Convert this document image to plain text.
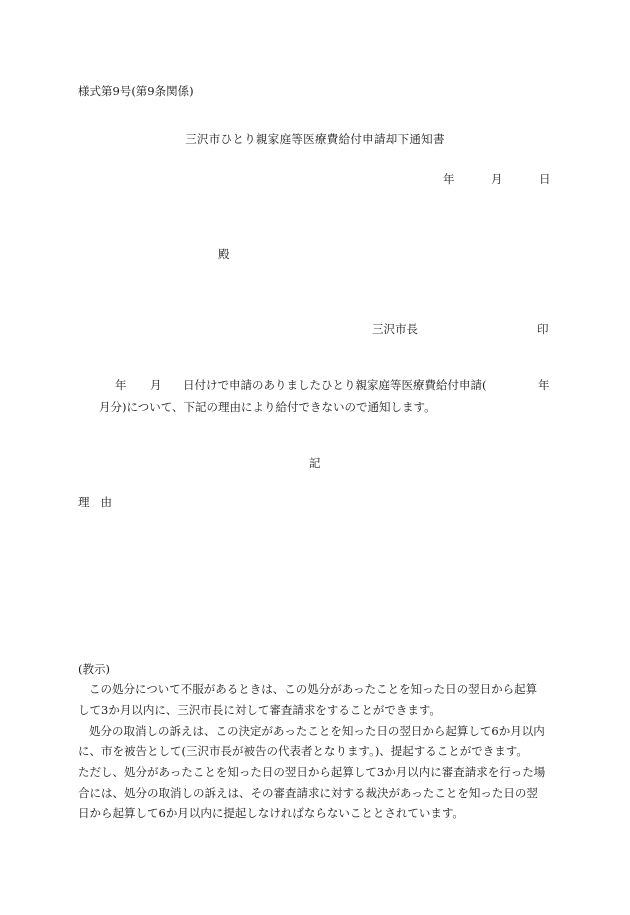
様式第9号(第9条関係)
三沢市ひとり親家庭等医療費給付申請却下通知書
年	月	日
殿
三沢市長	印
年 月 日付けで申請のありましたひとり親家庭等医療費給付申請(	年
月分)について、下記の理由により給付できないので通知します。
記
理由
(教示)
この処分について不服があるときは、この処分があったことを知った日の翌日から起算
して3か月以内に、三沢市長に対して審査請求をすることができます。
処分の取消しの訴えは、この決定があったことを知った日の翌日から起算して6か月以内
に、市を被告として(三沢市長が被告の代表者となります。)、提起することができます。
ただし、処分があったことを知った日の翌日から起算して3か月以内に審査請求を行った場
合には、処分の取消しの訴えは、その審査請求に対する裁決があったことを知った日の翌
日から起算して6か月以内に提起しなければならないこととされています。
